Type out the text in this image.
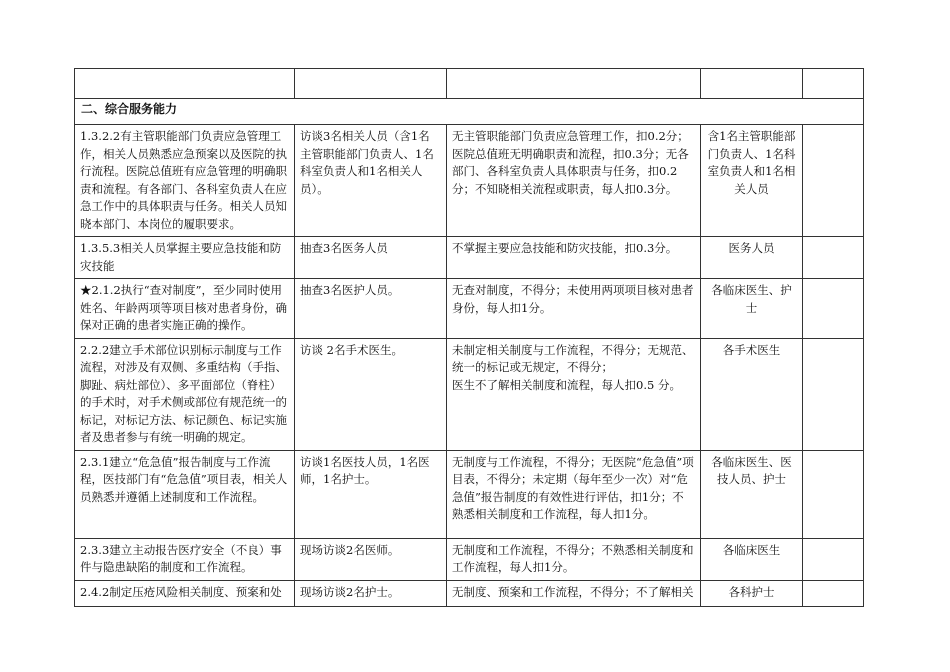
二、综合服务能力				
1.3.2.2有主管职能部门负责应急管理工作，相关人员熟悉应急预案以及医院的执行流程。医院总值班有应急管理的明确职责和流程。有各部门、各科室负责人在应急工作中的具体职责与任务。相关人员知晓本部门、本岗位的履职要求。	访谈3名相关人员（含1名主管职能部门负责人、1名科室负责人和1名相关人员）。	无主管职能部门负责应急管理工作，扣0.2分；医院总值班无明确职责和流程，扣0.3分；无各部门、各科室负责人具体职责与任务，扣0.2分；不知晓相关流程或职责，每人扣0.3分。	含1名主管职能部门负责人、1名科室负责人和1名相关人员	
1.3.5.3相关人员掌握主要应急技能和防灾技能	抽查3名医务人员	不掌握主要应急技能和防灾技能，扣0.3分。	医务人员	
★2.1.2执行“查对制度”，至少同时使用姓名、年龄两项等项目核对患者身份，确保对正确的患者实施正确的操作。	抽查3名医护人员。	无查对制度，不得分；未使用两项项目核对患者身份，每人扣1分。	各临床医生、护士	
2.2.2建立手术部位识别标示制度与工作流程，对涉及有双侧、多重结构（手指、脚趾、病灶部位）、多平面部位（脊柱）的手术时，对手术侧或部位有规范统一的标记，对标记方法、标记颜色、标记实施者及患者参与有统一明确的规定。	访谈 2名手术医生。	未制定相关制度与工作流程，不得分；无规范、统一的标记或无规定，不得分；
医生不了解相关制度和流程，每人扣0.5 分。	各手术医生	
2.3.1建立“危急值”报告制度与工作流程，医技部门有“危急值”项目表，相关人员熟悉并遵循上述制度和工作流程。	访谈1名医技人员，1名医师，1名护士。	无制度与工作流程，不得分；无医院“危急值”项目表，不得分；未定期（每年至少一次）对“危急值”报告制度的有效性进行评估，扣1分；不熟悉相关制度和工作流程，每人扣1分。	各临床医生、医技人员、护士	
2.3.3建立主动报告医疗安全（不良）事件与隐患缺陷的制度和工作流程。	现场访谈2名医师。	无制度和工作流程，不得分；不熟悉相关制度和工作流程，每人扣1分。	各临床医生	
2.4.2制定压疮风险相关制度、预案和处	现场访谈2名护士。	无制度、预案和工作流程，不得分；不了解相关	各科护士	
